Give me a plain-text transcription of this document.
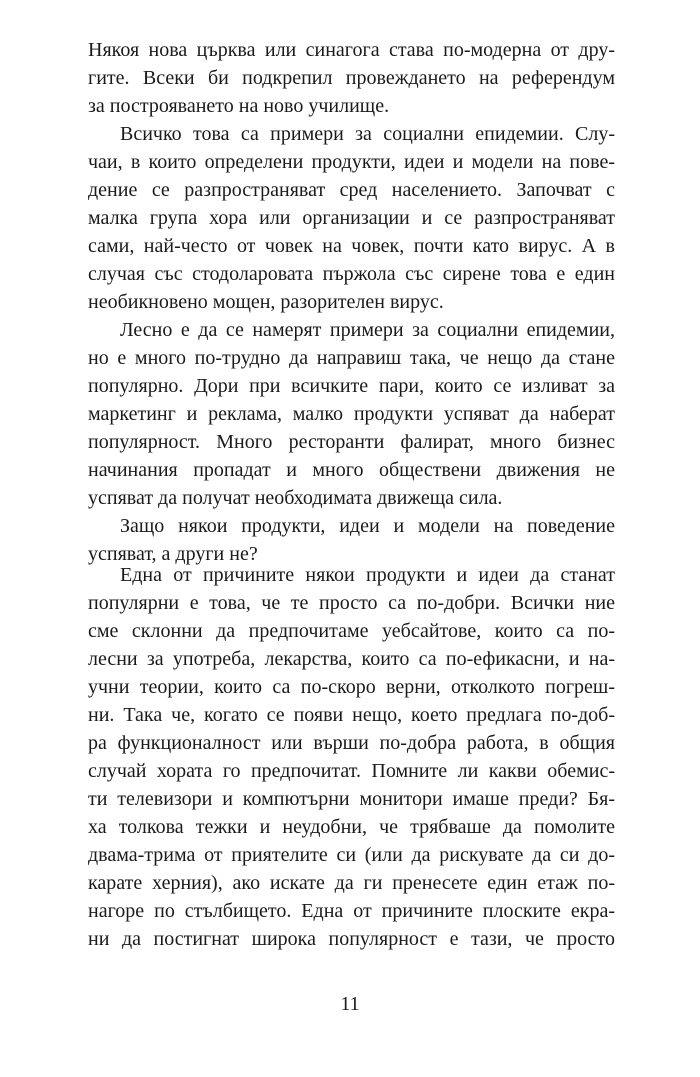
Някоя нова църква или синагога става по-модерна от дру-
гите. Всеки би подкрепил провеждането на референдум
за построяването на ново училище.
Всичко това са примери за социални епидемии. Слу-
чаи, в които определени продукти, идеи и модели на пове-
дение се разпространяват сред населението. Започват с
малка група хора или организации и се разпространяват
сами, най-често от човек на човек, почти като вирус. А в
случая със стодоларовата пържола със сирене това е един
необикновено мощен, разорителен вирус.
Лесно е да се намерят примери за социални епидемии,
но е много по-трудно да направиш така, че нещо да стане
популярно. Дори при всичките пари, които се изливат за
маркетинг и реклама, малко продукти успяват да наберат
популярност. Много ресторанти фалират, много бизнес
начинания пропадат и много обществени движения не
успяват да получат необходимата движеща сила.
Защо някои продукти, идеи и модели на поведение
успяват, а други не?
Една от причините някои продукти и идеи да станат
популярни е това, че те просто са по-добри. Всички ние
сме склонни да предпочитаме уебсайтове, които са по-
лесни за употреба, лекарства, които са по-ефикасни, и на-
учни теории, които са по-скоро верни, отколкото погреш-
ни. Така че, когато се появи нещо, което предлага по-доб-
ра функционалност или върши по-добра работа, в общия
случай хората го предпочитат. Помните ли какви обемис-
ти телевизори и компютърни монитори имаше преди? Бя-
ха толкова тежки и неудобни, че трябваше да помолите
двама-трима от приятелите си (или да рискувате да си до-
карате херния), ако искате да ги пренесете един етаж по-
нагоре по стълбището. Една от причините плоските екра-
ни да постигнат широка популярност е тази, че просто
11
